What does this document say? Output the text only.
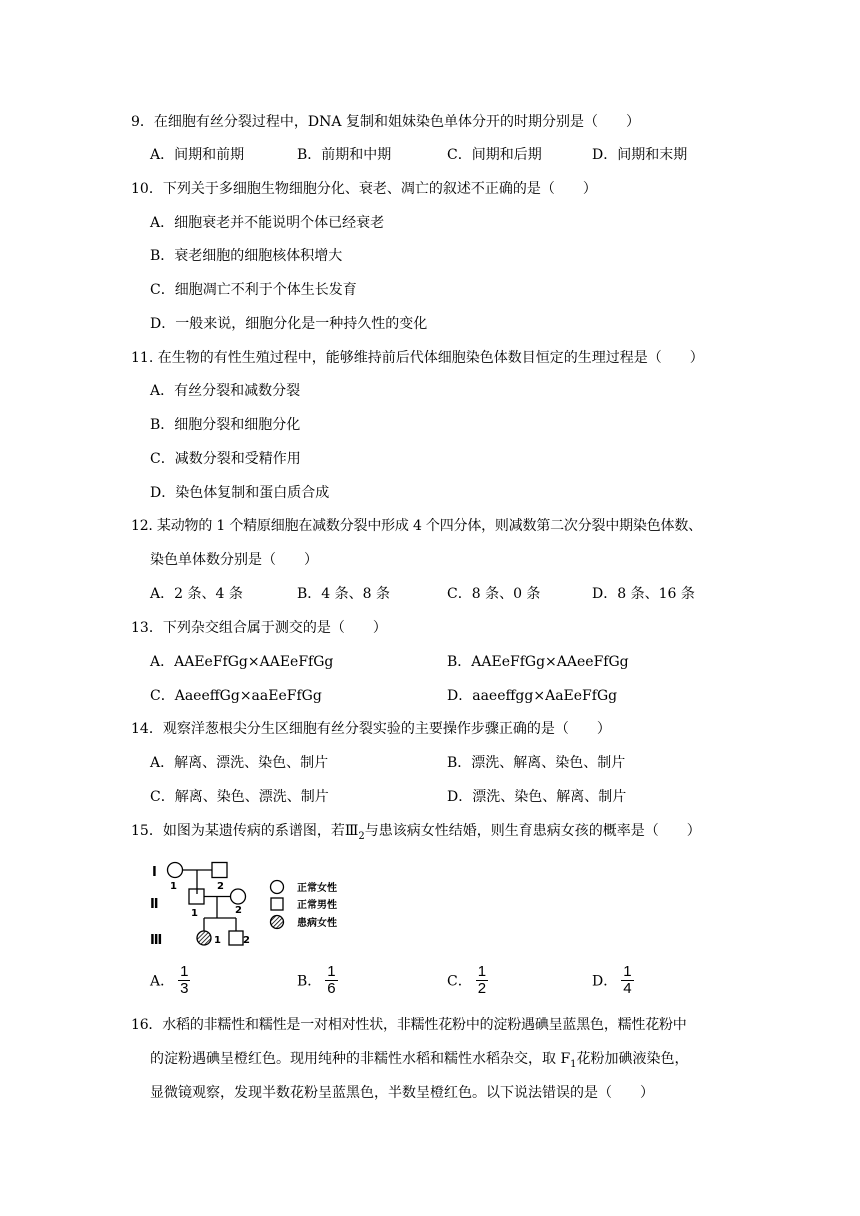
9．在细胞有丝分裂过程中，DNA 复制和姐妹染色单体分开的时期分别是（　　）
A．间期和前期	B．前期和中期	C．间期和后期	D．间期和末期
10．下列关于多细胞生物细胞分化、衰老、凋亡的叙述不正确的是（　　）
A．细胞衰老并不能说明个体已经衰老
B．衰老细胞的细胞核体积增大
C．细胞凋亡不利于个体生长发育
D．一般来说，细胞分化是一种持久性的变化
11. 在生物的有性生殖过程中，能够维持前后代体细胞染色体数目恒定的生理过程是（　　）
A．有丝分裂和减数分裂
B．细胞分裂和细胞分化
C．减数分裂和受精作用
D．染色体复制和蛋白质合成
12. 某动物的 1 个精原细胞在减数分裂中形成 4 个四分体，则减数第二次分裂中期染色体数、
染色单体数分别是（　　）
A．2 条、4 条	B．4 条、8 条	C．8 条、0 条	D．8 条、16 条
13．下列杂交组合属于测交的是（　　）
A．AAEeFfGg×AAEeFfGg	B．AAEeFfGg×AAeeFfGg
C．AaeeffGg×aaEeFfGg	D．aaeeffgg×AaEeFfGg
14．观察洋葱根尖分生区细胞有丝分裂实验的主要操作步骤正确的是（　　）
A．解离、漂洗、染色、制片	B．漂洗、解离、染色、制片
C．解离、染色、漂洗、制片	D．漂洗、染色、解离、制片
15．如图为某遗传病的系谱图，若$Ⅲ_2$与患该病女性结婚，则生育患病女孩的概率是（　　）
Ⅰ
Ⅱ
Ⅲ
1	2
1	2
1 2
正常女性
正常男性
患病女性
A． $\frac{1}{3}$	B． $\frac{1}{6}$	C． $\frac{1}{2}$	D． $\frac{1}{4}$
16．水稻的非糯性和糯性是一对相对性状，非糯性花粉中的淀粉遇碘呈蓝黑色，糯性花粉中
的淀粉遇碘呈橙红色。现用纯种的非糯性水稻和糯性水稻杂交，取 $F_1$花粉加碘液染色，
显微镜观察，发现半数花粉呈蓝黑色，半数呈橙红色。以下说法错误的是（　　）
